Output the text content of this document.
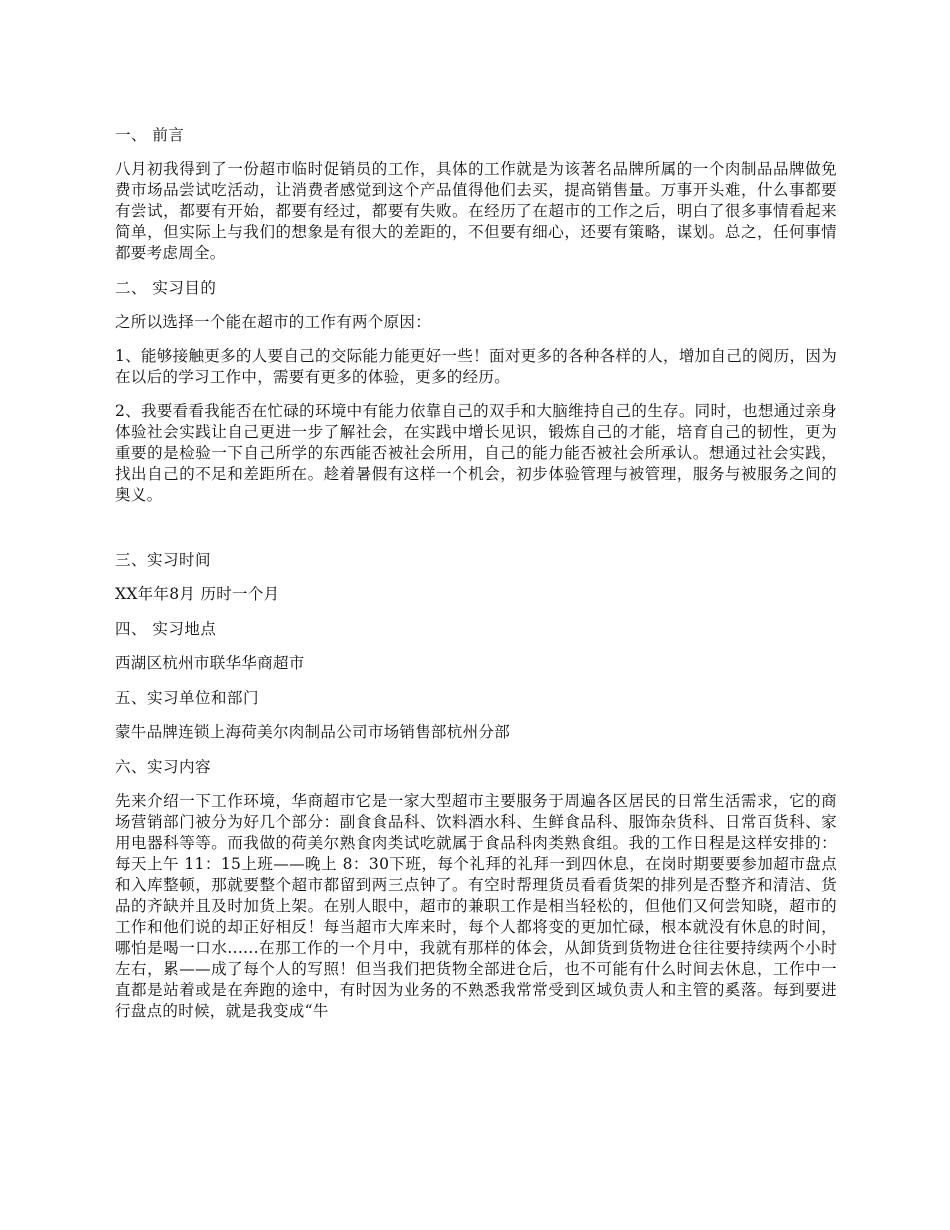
一、 前言
八月初我得到了一份超市临时促销员的工作，具体的工作就是为该著名品牌所属的一个肉制品品牌做免费市场品尝试吃活动，让消费者感觉到这个产品值得他们去买，提高销售量。万事开头难，什么事都要有尝试，都要有开始，都要有经过，都要有失败。在经历了在超市的工作之后，明白了很多事情看起来简单，但实际上与我们的想象是有很大的差距的，不但要有细心，还要有策略，谋划。总之，任何事情都要考虑周全。
二、 实习目的
之所以选择一个能在超市的工作有两个原因：
1、能够接触更多的人要自己的交际能力能更好一些！面对更多的各种各样的人，增加自己的阅历，因为在以后的学习工作中，需要有更多的体验，更多的经历。
2、我要看看我能否在忙碌的环境中有能力依靠自己的双手和大脑维持自己的生存。同时，也想通过亲身体验社会实践让自己更进一步了解社会，在实践中增长见识，锻炼自己的才能，培育自己的韧性，更为重要的是检验一下自己所学的东西能否被社会所用，自己的能力能否被社会所承认。想通过社会实践，找出自己的不足和差距所在。趁着暑假有这样一个机会，初步体验管理与被管理，服务与被服务之间的奥义。
三、实习时间
XX年年8月 历时一个月
四、 实习地点
西湖区杭州市联华华商超市
五、实习单位和部门
蒙牛品牌连锁上海荷美尔肉制品公司市场销售部杭州分部
六、实习内容
先来介绍一下工作环境，华商超市它是一家大型超市主要服务于周遍各区居民的日常生活需求，它的商场营销部门被分为好几个部分：副食食品科、饮料酒水科、生鲜食品科、服饰杂货科、日常百货科、家用电器科等等。而我做的荷美尔熟食肉类试吃就属于食品科肉类熟食组。我的工作日程是这样安排的：每天上午 11：15上班——晚上 8：30下班，每个礼拜的礼拜一到四休息，在岗时期要要参加超市盘点和入库整顿，那就要整个超市都留到两三点钟了。有空时帮理货员看看货架的排列是否整齐和清洁、货品的齐缺并且及时加货上架。在别人眼中，超市的兼职工作是相当轻松的，但他们又何尝知晓，超市的工作和他们说的却正好相反！每当超市大库来时，每个人都将变的更加忙碌，根本就没有休息的时间，哪怕是喝一口水......在那工作的一个月中，我就有那样的体会，从卸货到货物进仓往往要持续两个小时左右，累——成了每个人的写照！但当我们把货物全部进仓后，也不可能有什么时间去休息，工作中一直都是站着或是在奔跑的途中，有时因为业务的不熟悉我常常受到区域负责人和主管的奚落。每到要进行盘点的时候，就是我变成“牛
